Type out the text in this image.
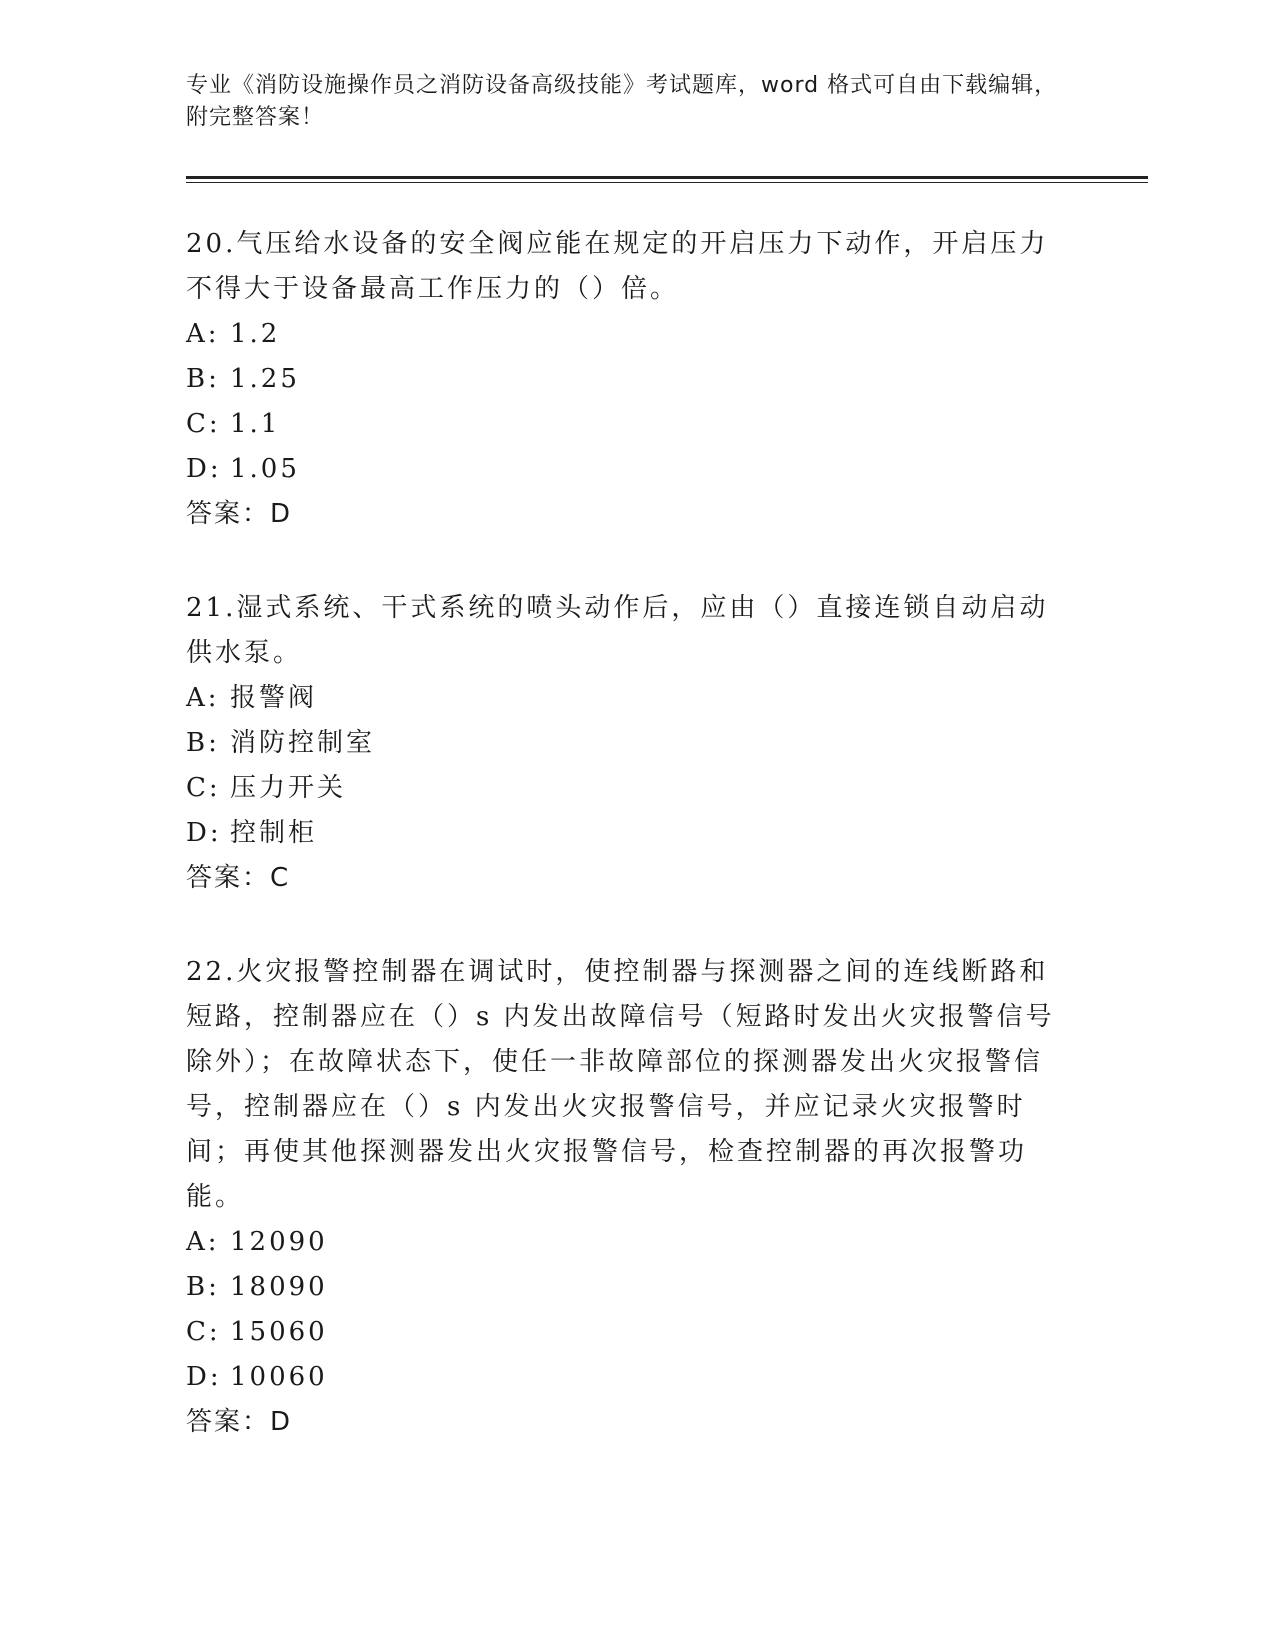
专业《消防设施操作员之消防设备高级技能》考试题库，word 格式可自由下载编辑，附完整答案！

20.气压给水设备的安全阀应能在规定的开启压力下动作，开启压力不得大于设备最高工作压力的（）倍。

A: 1.2

B: 1.25

C: 1.1

D: 1.05

答案：D

21.湿式系统、干式系统的喷头动作后，应由（）直接连锁自动启动供水泵。

A: 报警阀

B: 消防控制室

C: 压力开关

D: 控制柜

答案：C

22.火灾报警控制器在调试时，使控制器与探测器之间的连线断路和短路，控制器应在（）s 内发出故障信号（短路时发出火灾报警信号除外）；在故障状态下，使任一非故障部位的探测器发出火灾报警信号，控制器应在（）s 内发出火灾报警信号，并应记录火灾报警时间；再使其他探测器发出火灾报警信号，检查控制器的再次报警功能。

A: 12090

B: 18090

C: 15060

D: 10060

答案：D
